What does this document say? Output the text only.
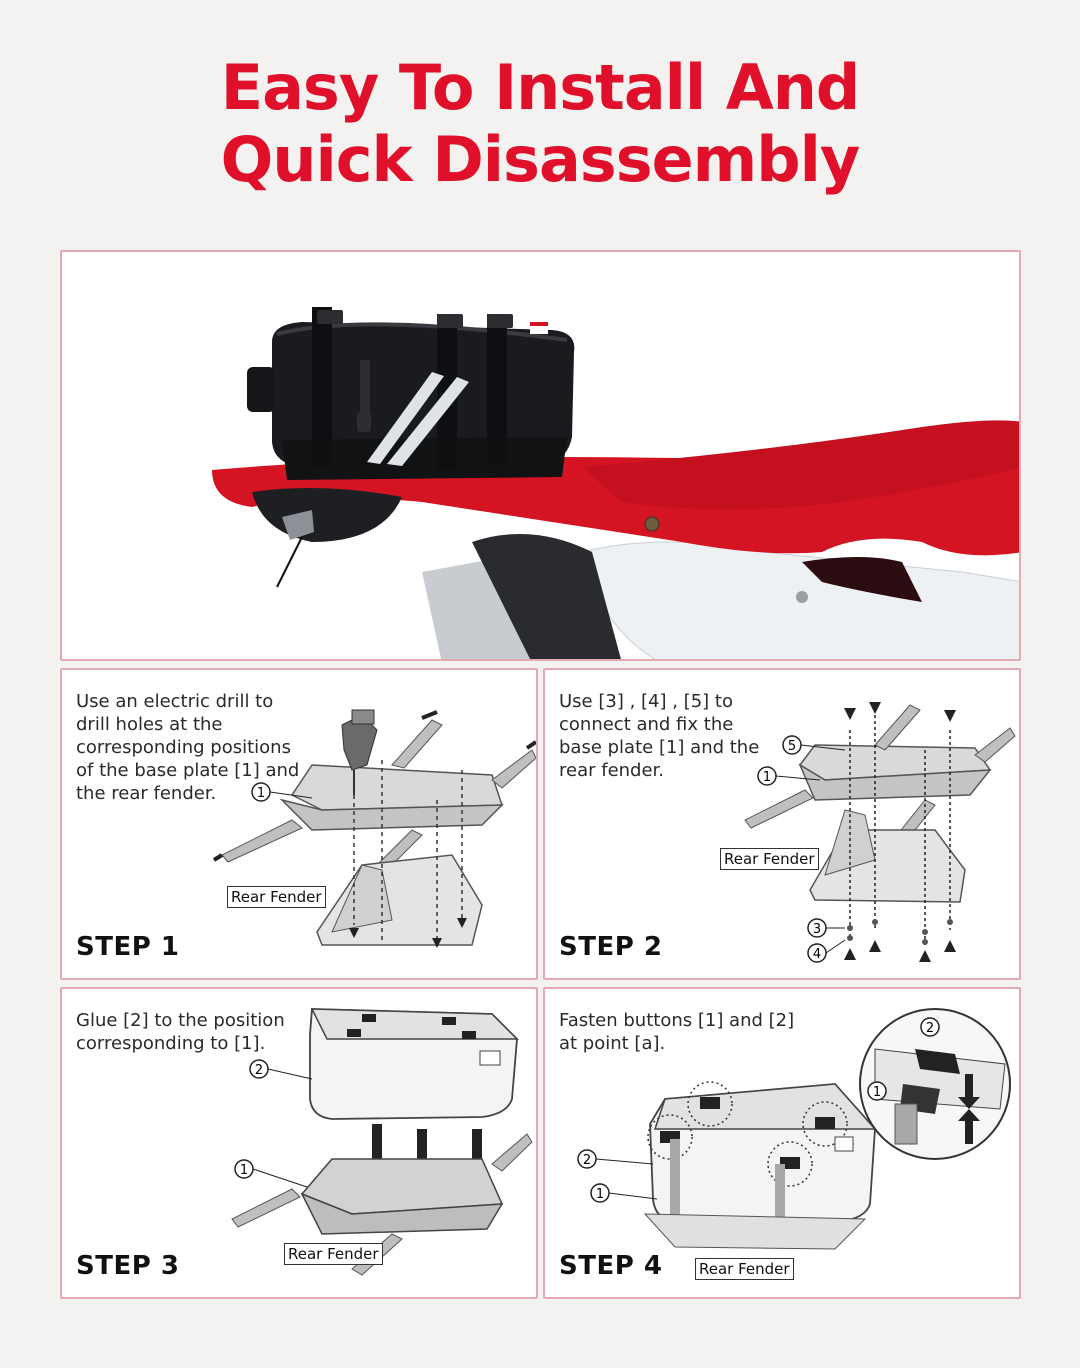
Easy To Install And
Quick Disassembly
Use an electric drill to drill holes at the corresponding positions of the base plate [1] and the rear fender.	1
Rear Fender
STEP 1
Use [3] , [4] , [5] to connect and fix the base plate [1] and the rear fender.
5
1
3
4
Rear Fender
STEP 2
Glue [2] to the position corresponding to [1].
2
1
Rear Fender
STEP 3
Fasten buttons [1] and [2] at point [a].
2
1
2
1
Rear Fender
STEP 4
